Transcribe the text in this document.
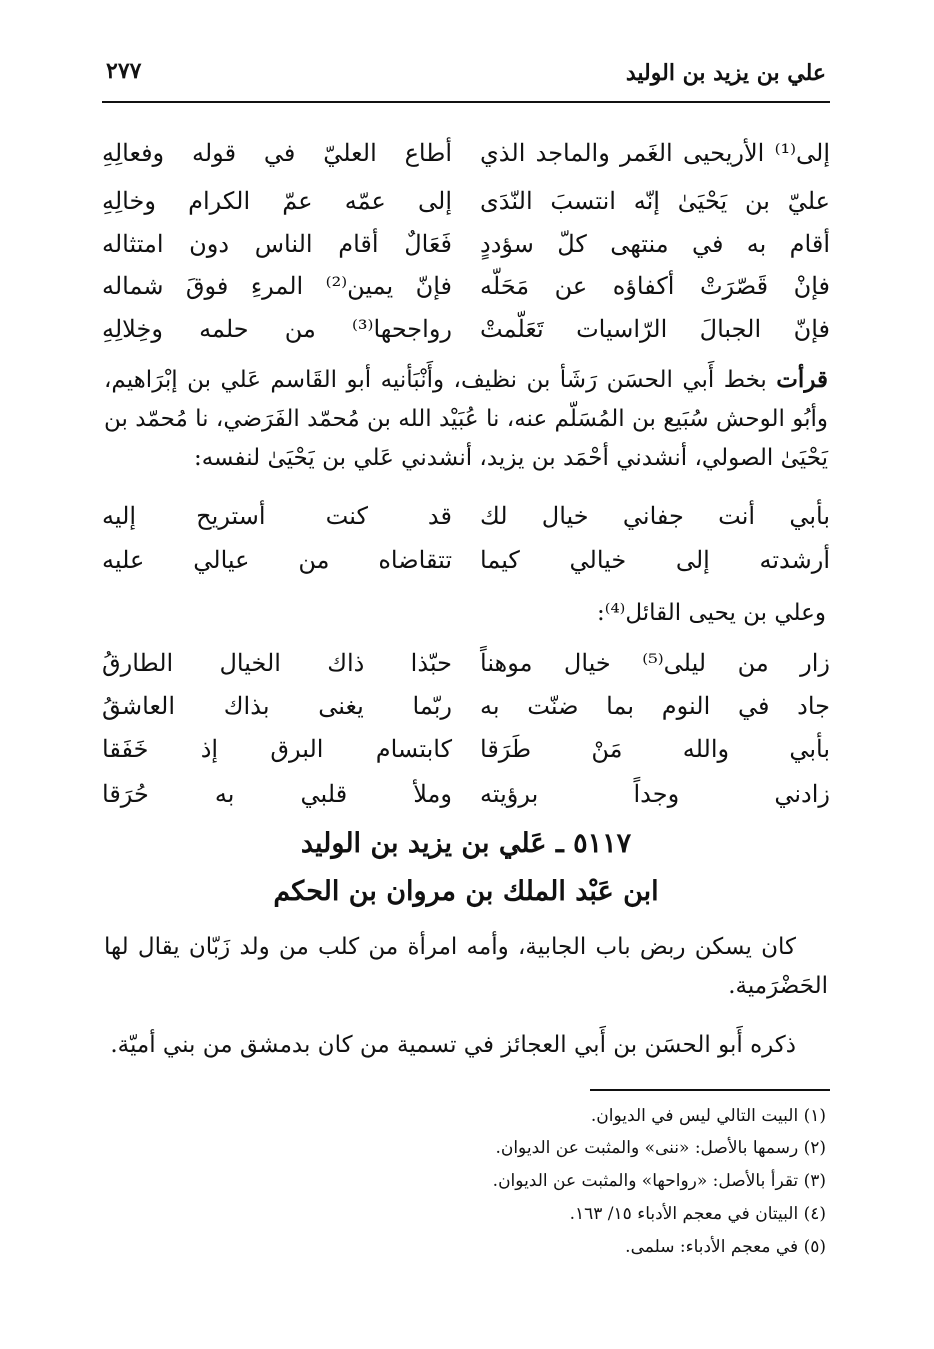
علي بن يزيد بن الوليد
٢٧٧
إلى⁽¹⁾ الأريحيى الغَمر والماجد الذي
أطاع العليّ في قوله وفعالِهِ
عليّ بن يَحْيَىٰ إنّه انتسبَ النّدَى
إلى عمّه عمّ الكرام وخالِهِ
أقام به في منتهى كلّ سؤددٍ
فَعَالٌ أقام الناس دون امتثاله
فإنْ قَصّرَتْ أكفاؤه عن مَحَلّه
فإنّ يمين⁽²⁾ المرءِ فوقَ شماله
فإنّ الجبالَ الرّاسيات تَعَلّمتْ
رواجحها⁽³⁾ من حلمه وخِلالِهِ
قرأت بخط أَبي الحسَن رَشَأ بن نظيف، وأَنْبَأنيه أبو القَاسم عَلي بن إبْرَاهيم، وأبُو الوحش سُبَيع بن المُسَلّم عنه، نا عُبَيْد الله بن مُحمّد الفَرَضي، نا مُحمّد بن يَحْيَىٰ الصولي، أنشدني أحْمَد بن يزيد، أنشدني عَلي بن يَحْيَىٰ لنفسه:
بأبي أنت جفاني خيال لك
قد كنت أستريح إليه
أرشدته إلى خيالي كيما
تتقاضاه من عيالي عليه
وعلي بن يحيى القائل⁽⁴⁾:
زار من ليلى⁽⁵⁾ خيال موهناً
حبّذا ذاك الخيال الطارقُ
جاد في النوم بما ضنّت به
ربّما يغنى بذاك العاشقُ
بأبي والله مَنْ طَرَقا
كابتسام البرق إذ خَفَقا
زادني وجداً برؤيته
وملأ قلبي به حُرَقا
٥١١٧ ـ عَلي بن يزيد بن الوليد
ابن عَبْد الملك بن مروان بن الحكم
كان يسكن ربض باب الجابية، وأمه امرأة من كلب من ولد زَبّان يقال لها الحَضْرَمية.
ذكره أَبو الحسَن بن أَبي العجائز في تسمية من كان بدمشق من بني أميّة.
(١) البيت التالي ليس في الديوان.
(٢) رسمها بالأصل: «ننى» والمثبت عن الديوان.
(٣) تقرأ بالأصل: «رواحها» والمثبت عن الديوان.
(٤) البيتان في معجم الأدباء ١٥/ ١٦٣.
(٥) في معجم الأدباء: سلمى.
